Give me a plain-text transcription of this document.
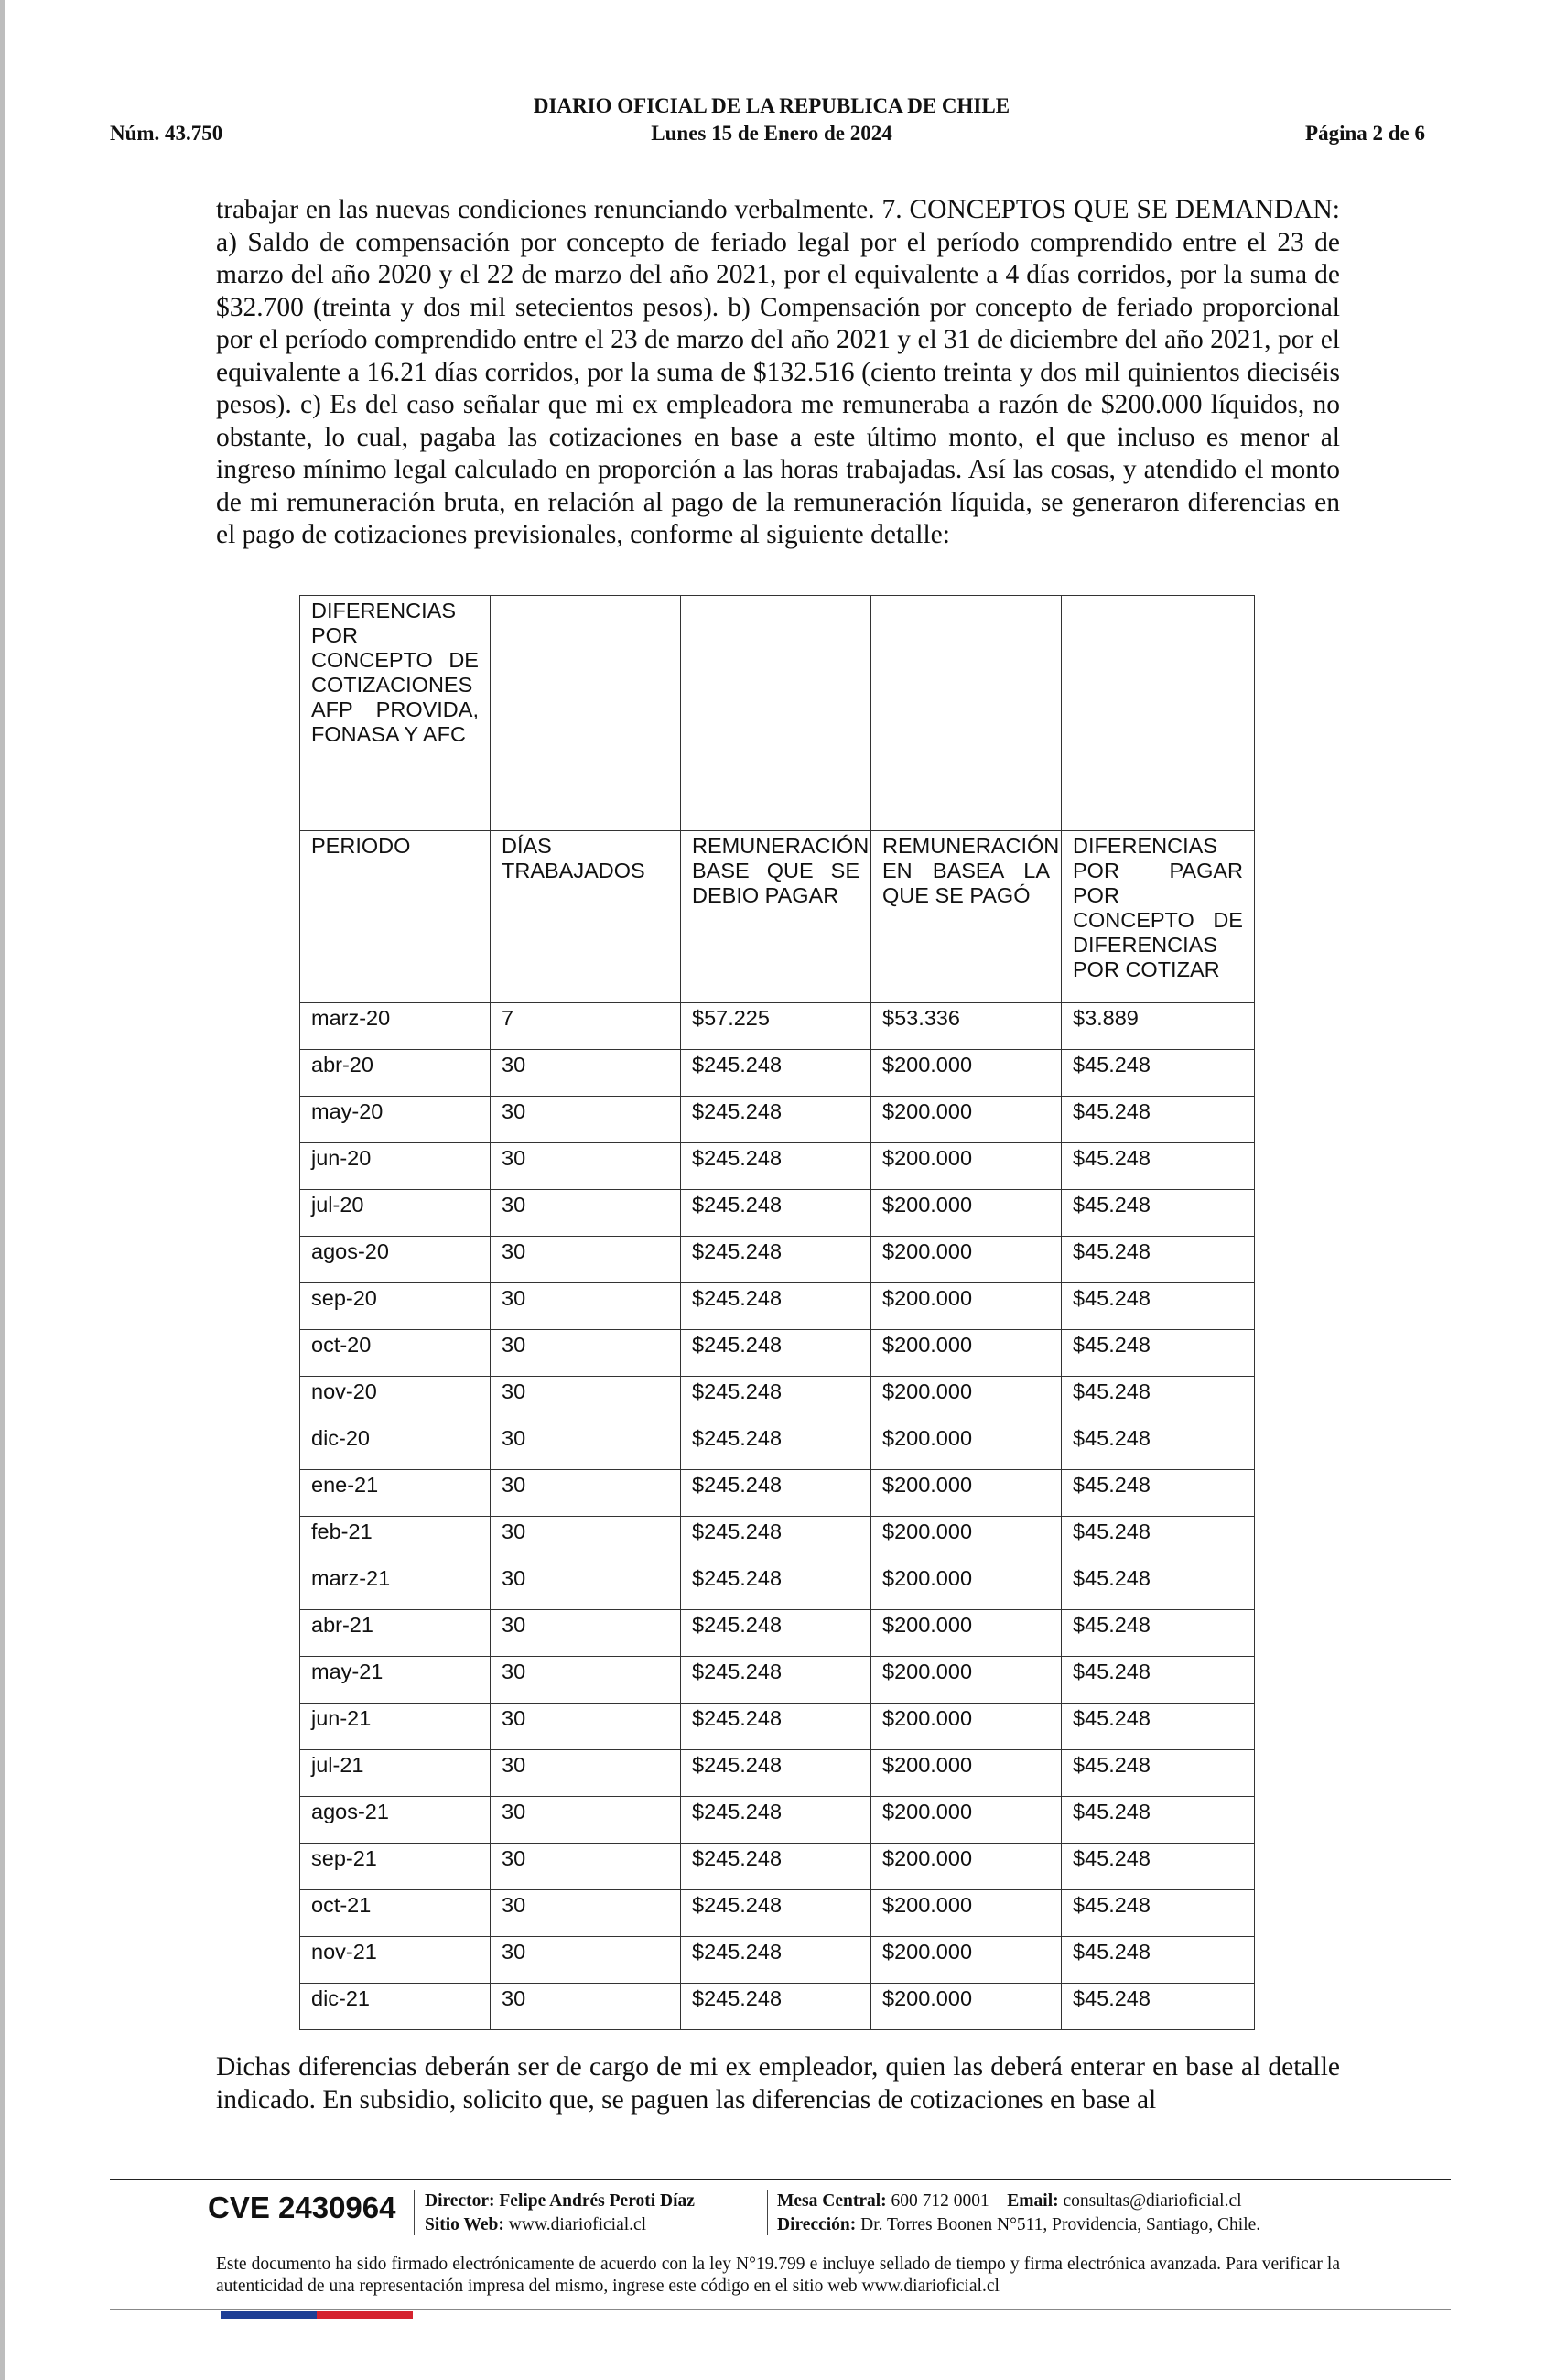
DIARIO OFICIAL DE LA REPUBLICA DE CHILE
Núm. 43.750	Lunes 15 de Enero de 2024	Página 2 de 6

trabajar en las nuevas condiciones renunciando verbalmente. 7. CONCEPTOS QUE SE DEMANDAN: a) Saldo de compensación por concepto de feriado legal por el período comprendido entre el 23 de marzo del año 2020 y el 22 de marzo del año 2021, por el equivalente a 4 días corridos, por la suma de $32.700 (treinta y dos mil setecientos pesos). b) Compensación por concepto de feriado proporcional por el período comprendido entre el 23 de marzo del año 2021 y el 31 de diciembre del año 2021, por el equivalente a 16.21 días corridos, por la suma de $132.516 (ciento treinta y dos mil quinientos dieciséis pesos). c) Es del caso señalar que mi ex empleadora me remuneraba a razón de $200.000 líquidos, no obstante, lo cual, pagaba las cotizaciones en base a este último monto, el que incluso es menor al ingreso mínimo legal calculado en proporción a las horas trabajadas. Así las cosas, y atendido el monto de mi remuneración bruta, en relación al pago de la remuneración líquida, se generaron diferencias en el pago de cotizaciones previsionales, conforme al siguiente detalle:

DIFERENCIAS POR CONCEPTO DE COTIZACIONES AFP PROVIDA, FONASA Y AFC				
PERIODO	DÍAS TRABAJADOS	REMUNERACIÓN BASE QUE SE DEBIO PAGAR	REMUNERACIÓN EN BASEA LA QUE SE PAGÓ	DIFERENCIAS POR PAGAR POR CONCEPTO DE DIFERENCIAS POR COTIZAR
marz-20	7	$57.225	$53.336	$3.889
abr-20	30	$245.248	$200.000	$45.248
may-20	30	$245.248	$200.000	$45.248
jun-20	30	$245.248	$200.000	$45.248
jul-20	30	$245.248	$200.000	$45.248
agos-20	30	$245.248	$200.000	$45.248
sep-20	30	$245.248	$200.000	$45.248
oct-20	30	$245.248	$200.000	$45.248
nov-20	30	$245.248	$200.000	$45.248
dic-20	30	$245.248	$200.000	$45.248
ene-21	30	$245.248	$200.000	$45.248
feb-21	30	$245.248	$200.000	$45.248
marz-21	30	$245.248	$200.000	$45.248
abr-21	30	$245.248	$200.000	$45.248
may-21	30	$245.248	$200.000	$45.248
jun-21	30	$245.248	$200.000	$45.248
jul-21	30	$245.248	$200.000	$45.248
agos-21	30	$245.248	$200.000	$45.248
sep-21	30	$245.248	$200.000	$45.248
oct-21	30	$245.248	$200.000	$45.248
nov-21	30	$245.248	$200.000	$45.248
dic-21	30	$245.248	$200.000	$45.248

Dichas diferencias deberán ser de cargo de mi ex empleador, quien las deberá enterar en base al detalle indicado. En subsidio, solicito que, se paguen las diferencias de cotizaciones en base al

CVE 2430964 Director: Felipe Andrés Peroti Díaz
Sitio Web: www.diarioficial.cl
Mesa Central: 600 712 0001 Email: consultas@diarioficial.cl
Dirección: Dr. Torres Boonen N°511, Providencia, Santiago, Chile.

Este documento ha sido firmado electrónicamente de acuerdo con la ley N°19.799 e incluye sellado de tiempo y firma electrónica avanzada. Para verificar la autenticidad de una representación impresa del mismo, ingrese este código en el sitio web www.diarioficial.cl
